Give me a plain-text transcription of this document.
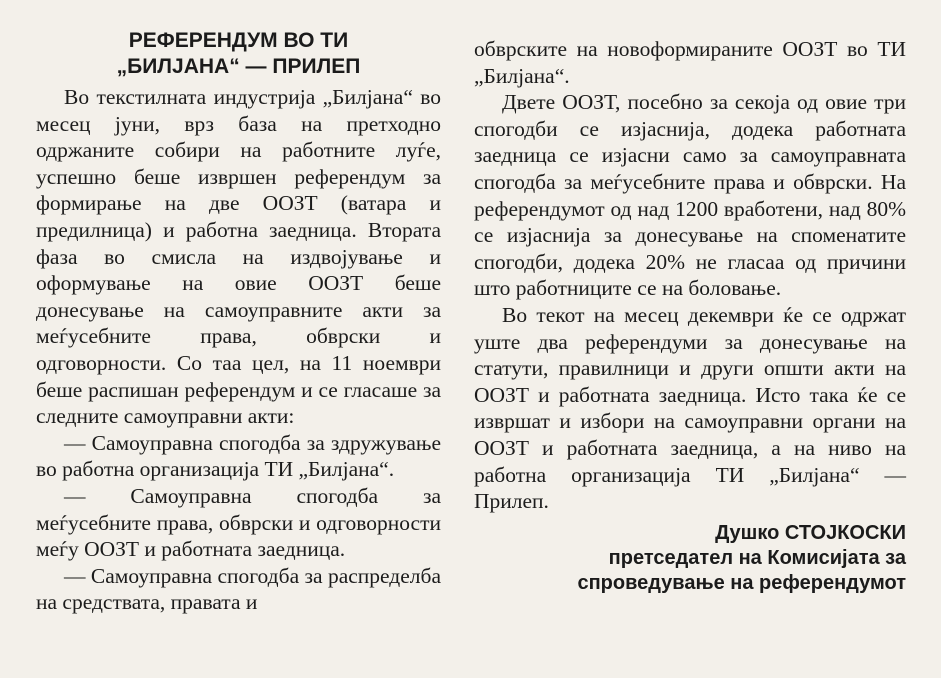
РЕФЕРЕНДУМ ВО ТИ
„БИЛЈАНА“ — ПРИЛЕП

Во текстилната индустрија „Билјана“ во месец јуни, врз база на претходно одржаните собири на работните луѓе, успешно беше извршен референдум за формирање на две ООЗТ (ватара и предилница) и работна заедница. Втората фаза во смисла на издвојување и оформување на овие ООЗТ беше донесување на самоуправните акти за меѓусебните права, обврски и одговорности. Со таа цел, на 11 ноември беше распишан референдум и се гласаше за следните самоуправни акти:

— Самоуправна спогодба за здружување во работна организација ТИ „Билјана“.

— Самоуправна спогодба за меѓусебните права, обврски и одговорности меѓу ООЗТ и работната заедница.

— Самоуправна спогодба за распределба на средствата, правата и

обврските на новоформираните ООЗТ во ТИ „Билјана“.

Двете ООЗТ, посебно за секоја од овие три спогодби се изјаснија, додека работната заедница се изјасни само за самоуправната спогодба за меѓусебните права и обврски. На референдумот од над 1200 вработени, над 80% се изјаснија за донесување на споменатите спогодби, додека 20% не гласаа од причини што работниците се на боловање.

Во текот на месец декември ќе се одржат уште два референдуми за донесување на статути, правилници и други општи акти на ООЗТ и работната заедница. Исто така ќе се извршат и избори на самоуправни органи на ООЗТ и работната заедница, а на ниво на работна организација ТИ „Билјана“ — Прилеп.

Душко СТОЈКОСКИ
претседател на Комисијата за
спроведување на референдумот
